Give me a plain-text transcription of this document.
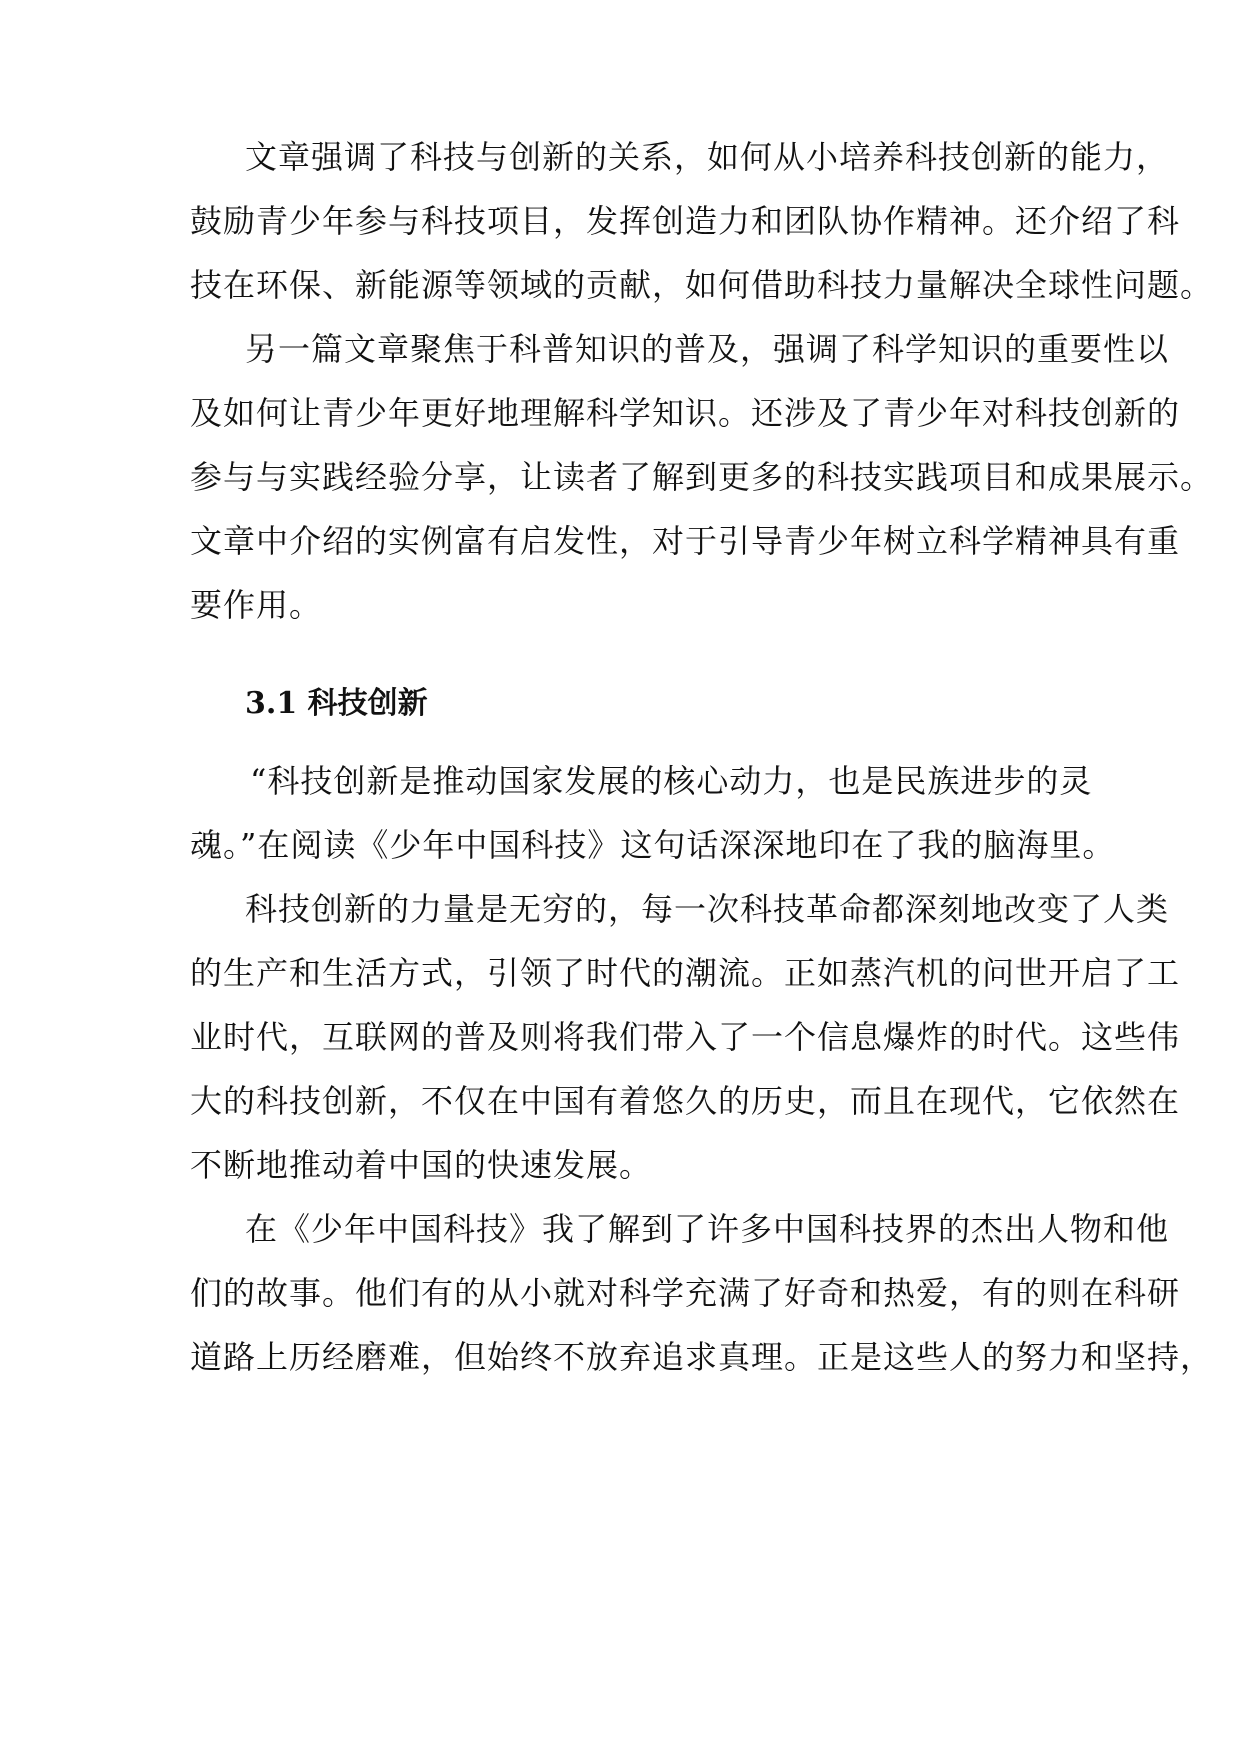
文章强调了科技与创新的关系，如何从小培养科技创新的能力，
鼓励青少年参与科技项目，发挥创造力和团队协作精神。还介绍了科
技在环保、新能源等领域的贡献，如何借助科技力量解决全球性问题。
另一篇文章聚焦于科普知识的普及，强调了科学知识的重要性以
及如何让青少年更好地理解科学知识。还涉及了青少年对科技创新的
参与与实践经验分享，让读者了解到更多的科技实践项目和成果展示。
文章中介绍的实例富有启发性，对于引导青少年树立科学精神具有重
要作用。
3.1 科技创新
“科技创新是推动国家发展的核心动力，也是民族进步的灵
魂。”在阅读《少年中国科技》这句话深深地印在了我的脑海里。
科技创新的力量是无穷的，每一次科技革命都深刻地改变了人类
的生产和生活方式，引领了时代的潮流。正如蒸汽机的问世开启了工
业时代，互联网的普及则将我们带入了一个信息爆炸的时代。这些伟
大的科技创新，不仅在中国有着悠久的历史，而且在现代，它依然在
不断地推动着中国的快速发展。
在《少年中国科技》我了解到了许多中国科技界的杰出人物和他
们的故事。他们有的从小就对科学充满了好奇和热爱，有的则在科研
道路上历经磨难，但始终不放弃追求真理。正是这些人的努力和坚持，
